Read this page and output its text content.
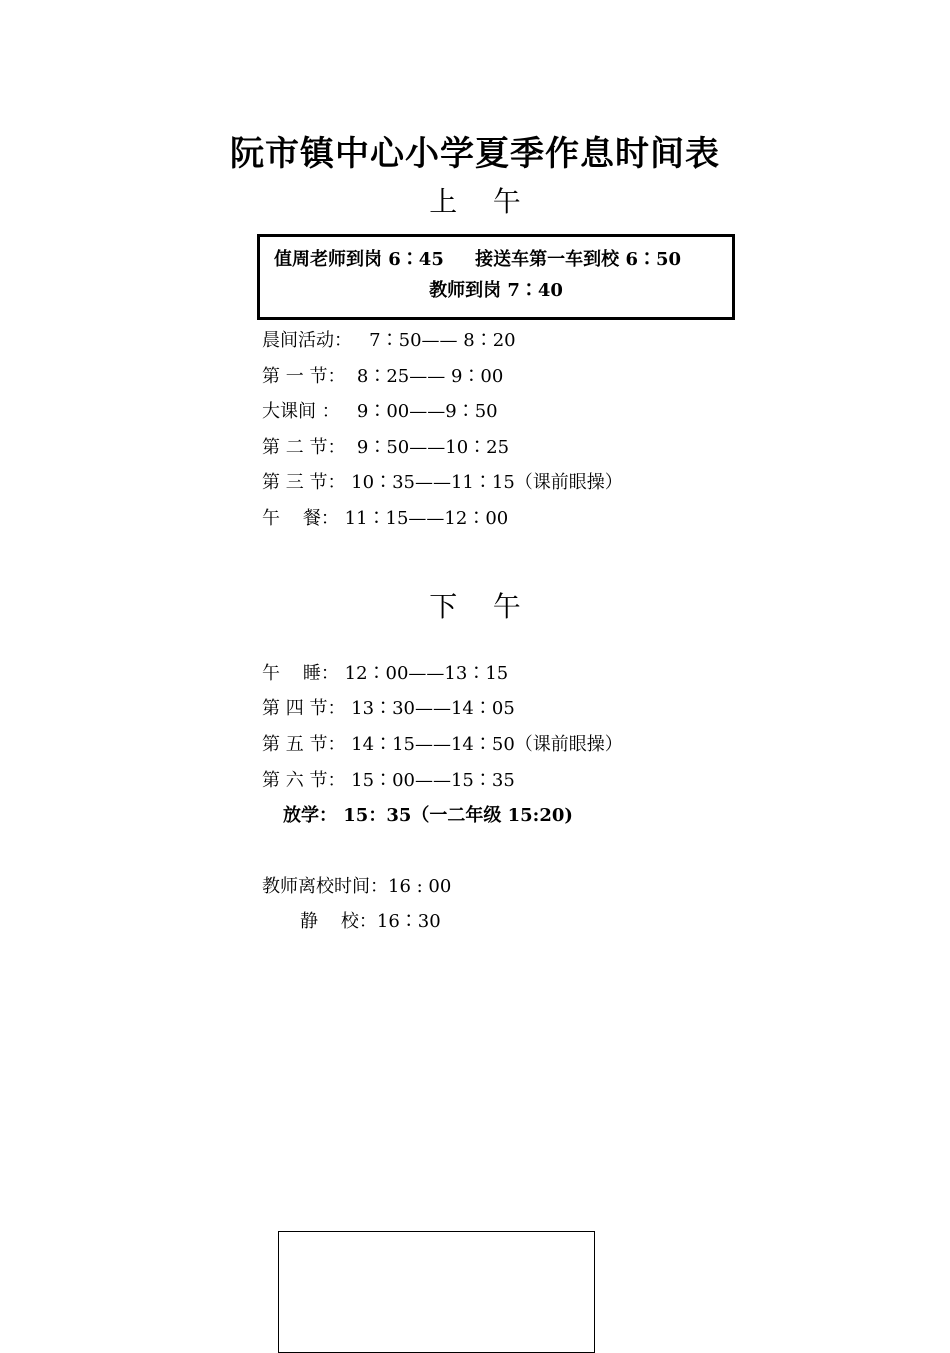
阮市镇中心小学夏季作息时间表
上    午
值周老师到岗 6∶45     接送车第一车到校 6∶50
教师到岗 7∶40
晨间活动：   7∶50—— 8∶20
第 一 节：  8∶25—— 9∶00
大课间 ：   9∶00——9∶50
第 二 节：  9∶50——10∶25
第 三 节： 10∶35——11∶15（课前眼操）
午    餐： 11∶15——12∶00
下    午
午    睡： 12∶00——13∶15
第 四 节： 13∶30——14∶05
第 五 节： 14∶15——14∶50（课前眼操）
第 六 节： 15∶00——15∶35
放学： 15：35（一二年级 15:20)
教师离校时间：16 : 00
静    校：16∶30
